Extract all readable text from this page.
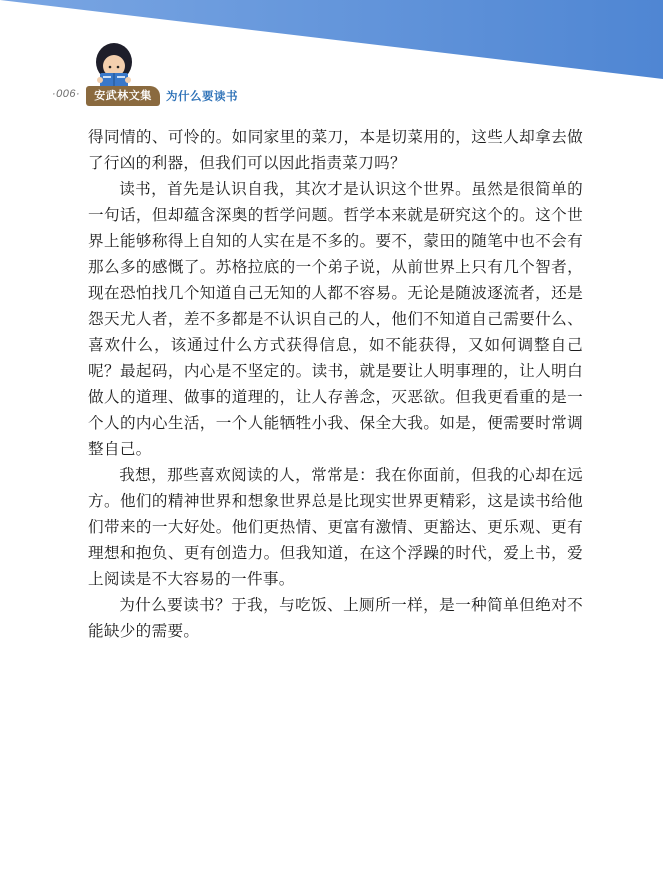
·006·	安武林文集	为什么要读书

得同情的、可怜的。如同家里的菜刀，本是切菜用的，这些人却拿去做了行凶的利器，但我们可以因此指责菜刀吗？

读书，首先是认识自我，其次才是认识这个世界。虽然是很简单的一句话，但却蕴含深奥的哲学问题。哲学本来就是研究这个的。这个世界上能够称得上自知的人实在是不多的。要不，蒙田的随笔中也不会有那么多的感慨了。苏格拉底的一个弟子说，从前世界上只有几个智者，现在恐怕找几个知道自己无知的人都不容易。无论是随波逐流者，还是怨天尤人者，差不多都是不认识自己的人，他们不知道自己需要什么、喜欢什么，该通过什么方式获得信息，如不能获得，又如何调整自己呢？最起码，内心是不坚定的。读书，就是要让人明事理的，让人明白做人的道理、做事的道理的，让人存善念，灭恶欲。但我更看重的是一个人的内心生活，一个人能牺牲小我、保全大我。如是，便需要时常调整自己。

我想，那些喜欢阅读的人，常常是：我在你面前，但我的心却在远方。他们的精神世界和想象世界总是比现实世界更精彩，这是读书给他们带来的一大好处。他们更热情、更富有激情、更豁达、更乐观、更有理想和抱负、更有创造力。但我知道，在这个浮躁的时代，爱上书，爱上阅读是不大容易的一件事。

为什么要读书？于我，与吃饭、上厕所一样，是一种简单但绝对不能缺少的需要。
